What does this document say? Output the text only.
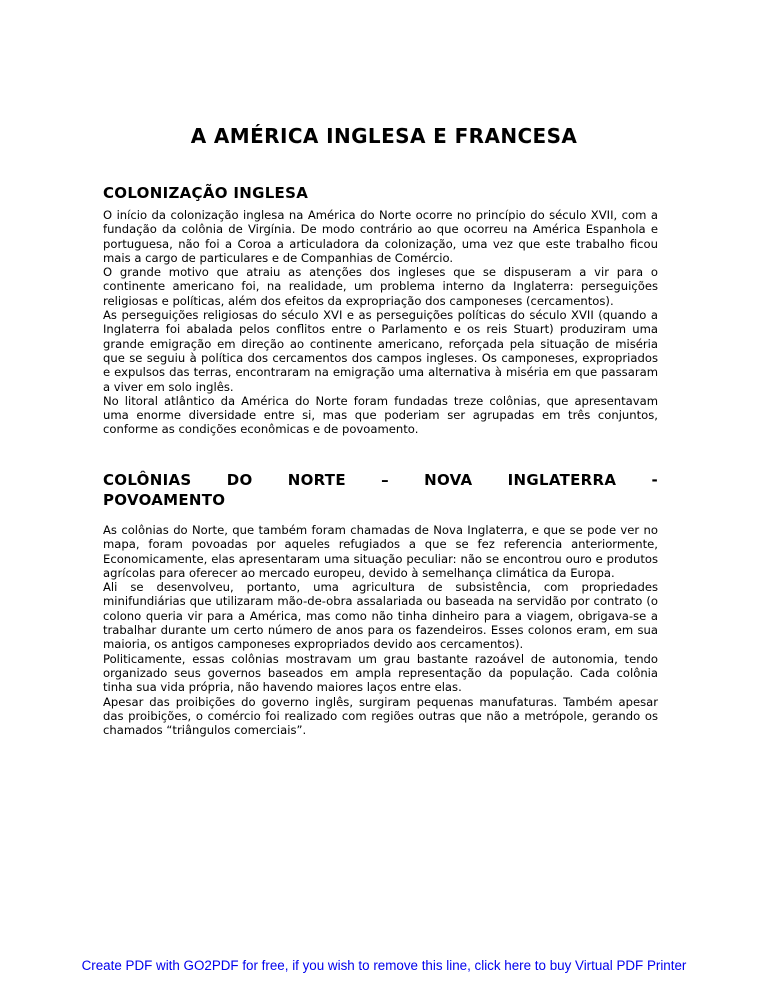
A AMÉRICA INGLESA E FRANCESA
COLONIZAÇÃO INGLESA

O início da colonização inglesa na América do Norte ocorre no princípio do século XVII, com a fundação da colônia de Virgínia. De modo contrário ao que ocorreu na América Espanhola e portuguesa, não foi a Coroa a articuladora da colonização, uma vez que este trabalho ficou mais a cargo de particulares e de Companhias de Comércio.

O grande motivo que atraiu as atenções dos ingleses que se dispuseram a vir para o continente americano foi, na realidade, um problema interno da Inglaterra: perseguições religiosas e políticas, além dos efeitos da expropriação dos camponeses (cercamentos).

As perseguições religiosas do século XVI e as perseguições políticas do século XVII (quando a Inglaterra foi abalada pelos conflitos entre o Parlamento e os reis Stuart) produziram uma grande emigração em direção ao continente americano, reforçada pela situação de miséria que se seguiu à política dos cercamentos dos campos ingleses. Os camponeses, expropriados e expulsos das terras, encontraram na emigração uma alternativa à miséria em que passaram a viver em solo inglês.

No litoral atlântico da América do Norte foram fundadas treze colônias, que apresentavam uma enorme diversidade entre si, mas que poderiam ser agrupadas em três conjuntos, conforme as condições econômicas e de povoamento.

COLÔNIAS DO NORTE – NOVA INGLATERRA -
POVOAMENTO

As colônias do Norte, que também foram chamadas de Nova Inglaterra, e que se pode ver no mapa, foram povoadas por aqueles refugiados a que se fez referencia anteriormente, Economicamente, elas apresentaram uma situação peculiar: não se encontrou ouro e produtos agrícolas para oferecer ao mercado europeu, devido à semelhança climática da Europa.

Ali se desenvolveu, portanto, uma agricultura de subsistência, com propriedades minifundiárias que utilizaram mão-de-obra assalariada ou baseada na servidão por contrato (o colono queria vir para a América, mas como não tinha dinheiro para a viagem, obrigava-se a trabalhar durante um certo número de anos para os fazendeiros. Esses colonos eram, em sua maioria, os antigos camponeses expropriados devido aos cercamentos).

Politicamente, essas colônias mostravam um grau bastante razoável de autonomia, tendo organizado seus governos baseados em ampla representação da população. Cada colônia tinha sua vida própria, não havendo maiores laços entre elas.

Apesar das proibições do governo inglês, surgiram pequenas manufaturas. Também apesar das proibições, o comércio foi realizado com regiões outras que não a metrópole, gerando os chamados “triângulos comerciais”.

Create PDF with GO2PDF for free, if you wish to remove this line, click here to buy Virtual PDF Printer
